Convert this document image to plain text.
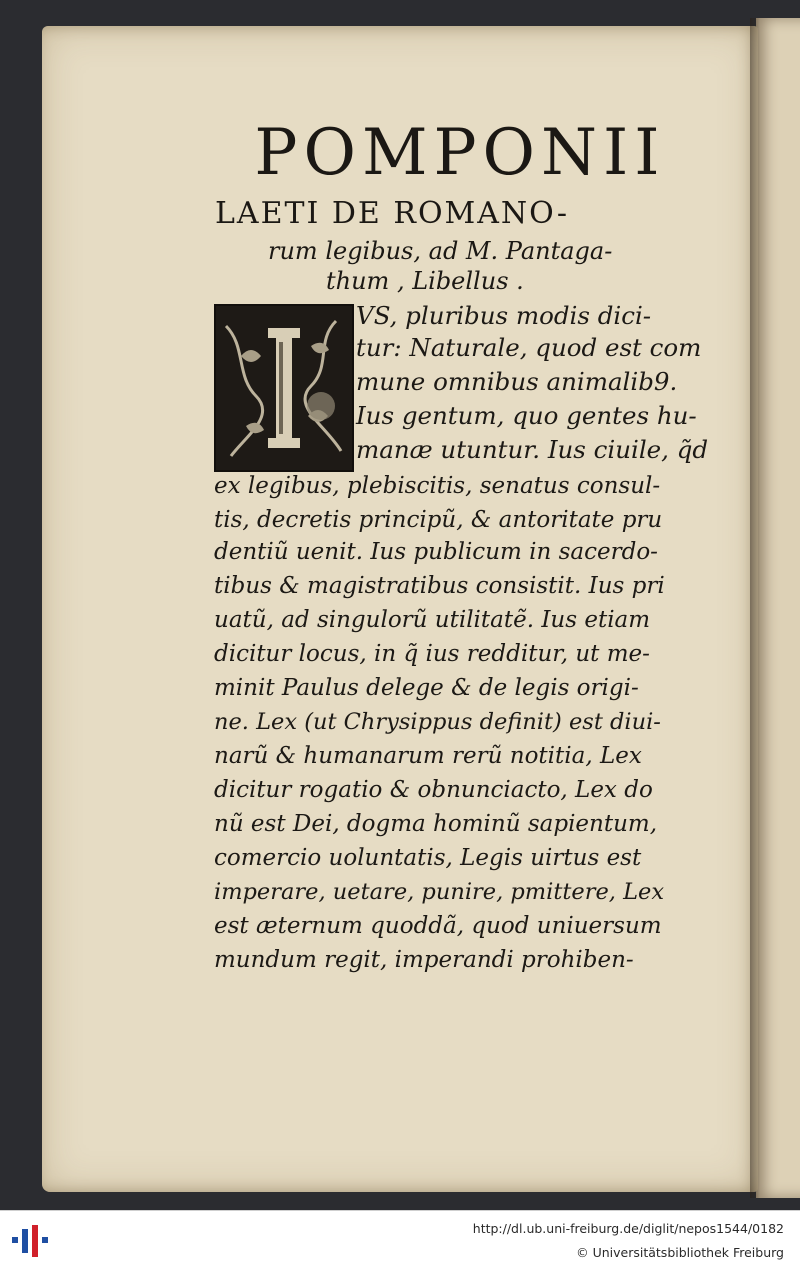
POMPONII
LAETI DE ROMANO-
rum legibus, ad M. Pantaga-
thum , Libellus .
VS, pluribus modis dici-
tur: Naturale, quod est com
mune omnibus animalib9.
Ius gentum, quo gentes hu-
manæ utuntur. Ius ciuile, q̃d
ex legibus, plebiscitis, senatus consul-
tis, decretis principũ, & antoritate pru
dentiũ uenit. Ius publicum in sacerdo-
tibus & magistratibus consistit. Ius pri
uatũ, ad singulorũ utilitatẽ. Ius etiam
dicitur locus, in q̃ ius redditur, ut me-
minit Paulus delege & de legis origi-
ne. Lex (ut Chrysippus definit) est diui-
narũ & humanarum rerũ notitia, Lex
dicitur rogatio & obnunciacto, Lex do
nũ est Dei, dogma hominũ sapientum,
comercio uoluntatis, Legis uirtus est
imperare, uetare, punire, pmittere, Lex
est æternum quoddã, quod uniuersum
mundum regit, imperandi prohiben-
http://dl.ub.uni-freiburg.de/diglit/nepos1544/0182
© Universitätsbibliothek Freiburg
